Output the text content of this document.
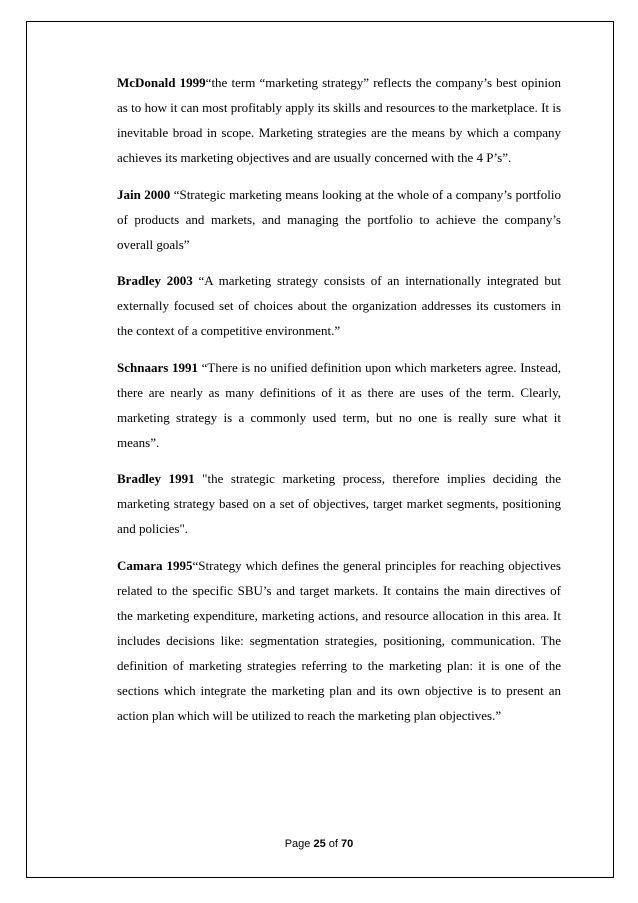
McDonald 1999“the term “marketing strategy” reflects the company’s best opinion as to how it can most profitably apply its skills and resources to the marketplace. It is inevitable broad in scope. Marketing strategies are the means by which a company achieves its marketing objectives and are usually concerned with the 4 P’s”.

Jain 2000 “Strategic marketing means looking at the whole of a company’s portfolio of products and markets, and managing the portfolio to achieve the company’s overall goals”

Bradley 2003 “A marketing strategy consists of an internationally integrated but externally focused set of choices about the organization addresses its customers in the context of a competitive environment.”

Schnaars 1991 “There is no unified definition upon which marketers agree. Instead, there are nearly as many definitions of it as there are uses of the term. Clearly, marketing strategy is a commonly used term, but no one is really sure what it means”.

Bradley 1991 "the strategic marketing process, therefore implies deciding the marketing strategy based on a set of objectives, target market segments, positioning and policies".

Camara 1995“Strategy which defines the general principles for reaching objectives related to the specific SBU’s and target markets. It contains the main directives of the marketing expenditure, marketing actions, and resource allocation in this area. It includes decisions like: segmentation strategies, positioning, communication. The definition of marketing strategies referring to the marketing plan: it is one of the sections which integrate the marketing plan and its own objective is to present an action plan which will be utilized to reach the marketing plan objectives.”

Page 25 of 70
